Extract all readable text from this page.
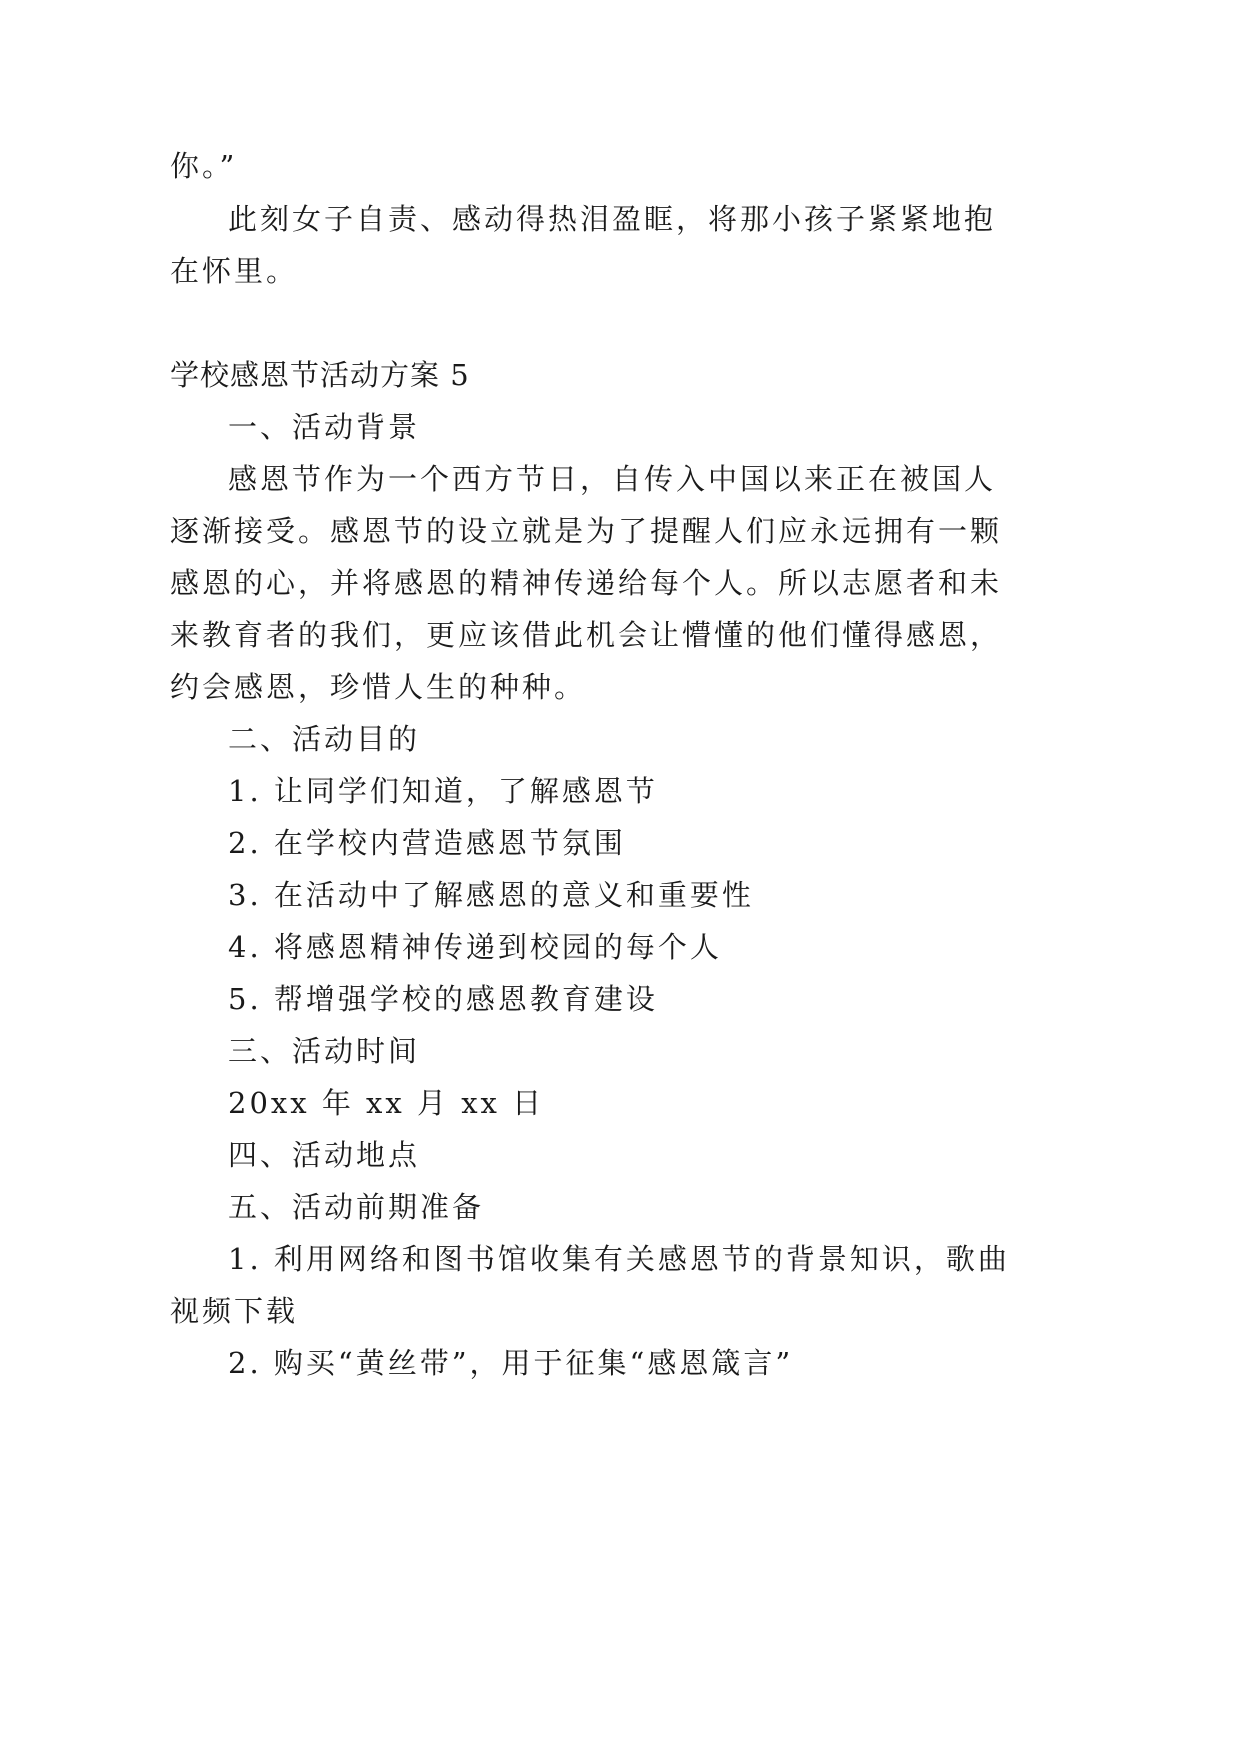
你。”
此刻女子自责、感动得热泪盈眶，将那小孩子紧紧地抱
在怀里。
学校感恩节活动方案 5
一、活动背景
感恩节作为一个西方节日，自传入中国以来正在被国人
逐渐接受。感恩节的设立就是为了提醒人们应永远拥有一颗
感恩的心，并将感恩的精神传递给每个人。所以志愿者和未
来教育者的我们，更应该借此机会让懵懂的他们懂得感恩，
约会感恩，珍惜人生的种种。
二、活动目的
1. 让同学们知道，了解感恩节
2. 在学校内营造感恩节氛围
3. 在活动中了解感恩的意义和重要性
4. 将感恩精神传递到校园的每个人
5. 帮增强学校的感恩教育建设
三、活动时间
20xx 年 xx 月 xx 日
四、活动地点
五、活动前期准备
1. 利用网络和图书馆收集有关感恩节的背景知识，歌曲
视频下载
2. 购买“黄丝带”，用于征集“感恩箴言”
